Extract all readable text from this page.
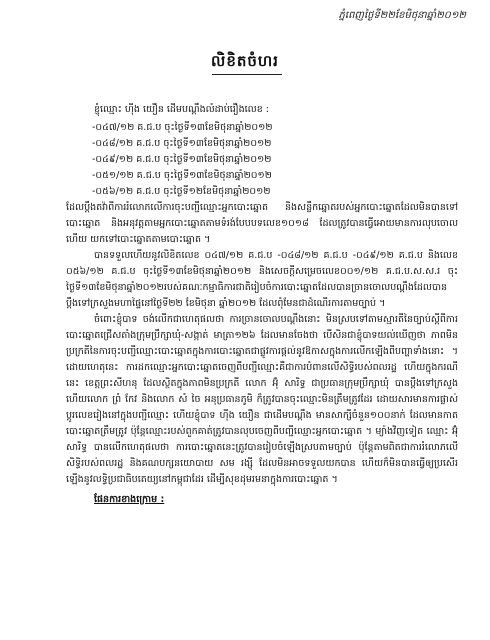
ភ្នំពេញថ្ងៃទី២២ខែមិថុនាឆ្នាំ២០១២
លិខិតចំហរ

ខ្ញុំឈ្មោះ ហ៊ីង យឿន ដើមបណ្ដឹងលំដាប់រឿងលេខ :

-០៤៧/១២ គ.ជ.ប ចុះថ្ងៃទី១៣ខែមិថុនាឆ្នាំ២០១២
-០៤៨/១២ គ.ជ.ប ចុះថ្ងៃទី១៣ខែមិថុនាឆ្នាំ២០១២
-០៤៩/១២ គ.ជ.ប ចុះថ្ងៃទី១៣ខែមិថុនាឆ្នាំ២០១២
-០៥១/១២ គ.ជ.ប ចុះថ្ងៃទី១៣ខែមិថុនាឆ្នាំ២០១២
-០៥៦/១២ គ.ជ.ប ចុះថ្ងៃទី១២ខែមិថុនាឆ្នាំ២០១២

ដែលប្ដឹងតវ៉ាពីការរំលោភលើការចុះបញ្ជីឈ្មោះអ្នកបោះឆ្នោត និងសន្លឹកឆ្នោតរបស់អ្នកបោះឆ្នោតដែលមិនបានទៅបោះឆ្នោត និងអនុវត្តតាមអ្នកបោះឆ្នោតតាមទំរង់បែបបទលេខ១០១៨ ដែលត្រូវបានធ្វើអោយមានការលុបចោលហើយ យកទៅបោះឆ្នោតតាមបោះឆ្នោត ។

បានទទួលហើយនូវលិខិតលេខ ០៤៧/១២ គ.ជ.ប -០៤៨/១២ គ.ជ.ប -០៤៩/១២ គ.ជ.ប និងលេខ ០៥៦/១២ គ.ជ.ប ចុះថ្ងៃទី១៣ខែមិថុនាឆ្នាំ២០១២ និងសេចក្ដីសម្រេចលេខ០០១/១២ គ.ជ.ប.ស.ស.រ ចុះថ្ងៃទី១៣ខែមិថុនាឆ្នាំ២០១២របស់គណៈកម្មាធិការជាតិរៀបចំការបោះឆ្នោតដែលបានច្រានចោលបណ្ដឹងដែលបានប្ដឹងទៅក្រសួងមហាផ្ទៃនៅថ្ងៃទី២២ ខែមិថុនា ឆ្នាំ២០១២ ដែលពុំមែនជាដំណើរការតាមច្បាប់ ។

ចំពោះខ្ញុំបាទ ចង់លើកជាហេតុផលថា ការច្រានចោលបណ្ដឹងនោះ មិនស្របទៅតាមស្មារតីនៃច្បាប់ស្ដីពីការបោះឆ្នោតជ្រើសតាំងក្រុមប្រឹក្សាឃុំ-សង្កាត់ មាត្រា១២៦ ដែលមានចែងថា បើសិនជាខ្ញុំបាទយល់ឃើញថា ភាពមិនប្រក្រតីនៃការចុះបញ្ជីឈ្មោះបោះឆ្នោតក្នុងការបោះឆ្នោតជាផ្លូវការផ្ដល់នូវឱកាសក្នុងការលើកឡើងពីបញ្ហាទាំងនោះ ។ ដោយហេតុនេះ ការដកឈ្មោះអ្នកបោះឆ្នោតចេញពីបញ្ជីឈ្មោះគឺជាការបំពានលើសិទ្ធិរបស់ពលរដ្ឋ ហើយក្នុងករណីនេះ ខេត្តព្រះសីហនុ ដែលស្ថិតក្នុងភាពមិនប្រក្រតី លោក អ៊ុំ សារិទ្ធ ជាប្រធានក្រុមប្រឹក្សាឃុំ បានប្ដឹងទៅក្រសួង ហើយលោក ព្រំ កែវ និងលោក សំ ចៃ អនុប្រធានភូមិ ក៏ត្រូវបានចុះឈ្មោះមិនត្រឹមត្រូវដែរ ដោយសារមានការផ្លាស់ប្ដូរលេខរៀងនៅក្នុងបញ្ជីឈ្មោះ ហើយខ្ញុំបាទ ហ៊ីង យឿន ជាដើមបណ្ដឹង មានសាក្សីចំនួន១០០នាក់ ដែលមានកាតបោះឆ្នោតត្រឹមត្រូវ ប៉ុន្តែឈ្មោះរបស់ពួកគាត់ត្រូវបានលុបចេញពីបញ្ជីឈ្មោះអ្នកបោះឆ្នោត ។ ម្យ៉ាងវិញទៀត ឈ្មោះ អ៊ុំ សារិទ្ធ បានលើកហេតុផលថា ការបោះឆ្នោតនេះត្រូវបានរៀបចំឡើងស្របតាមច្បាប់ ប៉ុន្តែតាមពិតជាការរំលោភលើសិទ្ធិរបស់ពលរដ្ឋ និងគណបក្សនយោបាយ សម រង្ស៊ី ដែលមិនអាចទទួលយកបាន ហើយក៏មិនបានធ្វើឲ្យប្រសើរឡើងនូវលទ្ធិប្រជាធិបតេយ្យនៅកម្ពុជាដែរ ដើម្បីសុខដុមរមនាក្នុងការបោះឆ្នោត ។

ផែនការខាងក្រោម :
